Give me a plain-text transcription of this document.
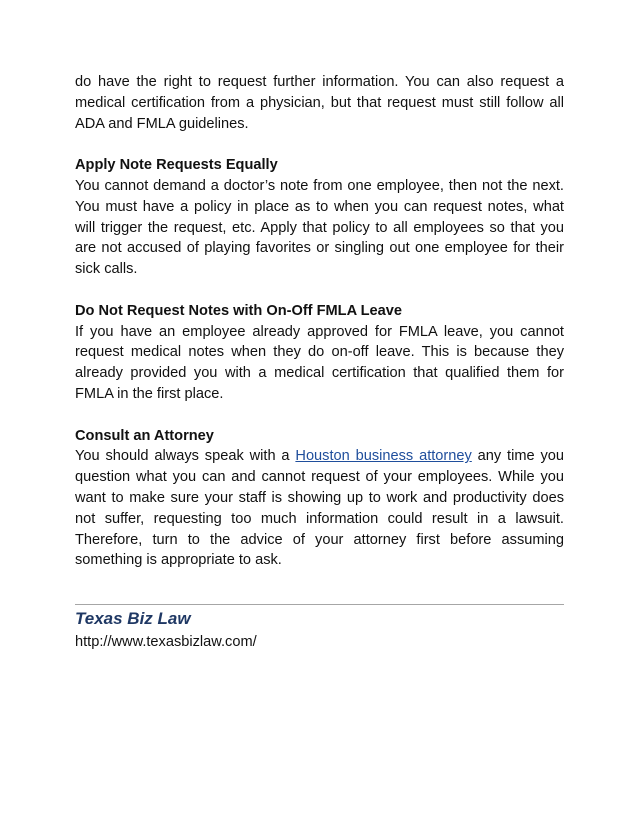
do have the right to request further information. You can also request a medical certification from a physician, but that request must still follow all ADA and FMLA guidelines.

Apply Note Requests Equally

You cannot demand a doctor’s note from one employee, then not the next. You must have a policy in place as to when you can request notes, what will trigger the request, etc. Apply that policy to all employees so that you are not accused of playing favorites or singling out one employee for their sick calls.

Do Not Request Notes with On-Off FMLA Leave

If you have an employee already approved for FMLA leave, you cannot request medical notes when they do on-off leave. This is because they already provided you with a medical certification that qualified them for FMLA in the first place.

Consult an Attorney

You should always speak with a Houston business attorney any time you question what you can and cannot request of your employees. While you want to make sure your staff is showing up to work and productivity does not suffer, requesting too much information could result in a lawsuit. Therefore, turn to the advice of your attorney first before assuming something is appropriate to ask.

Texas Biz Law

http://www.texasbizlaw.com/
